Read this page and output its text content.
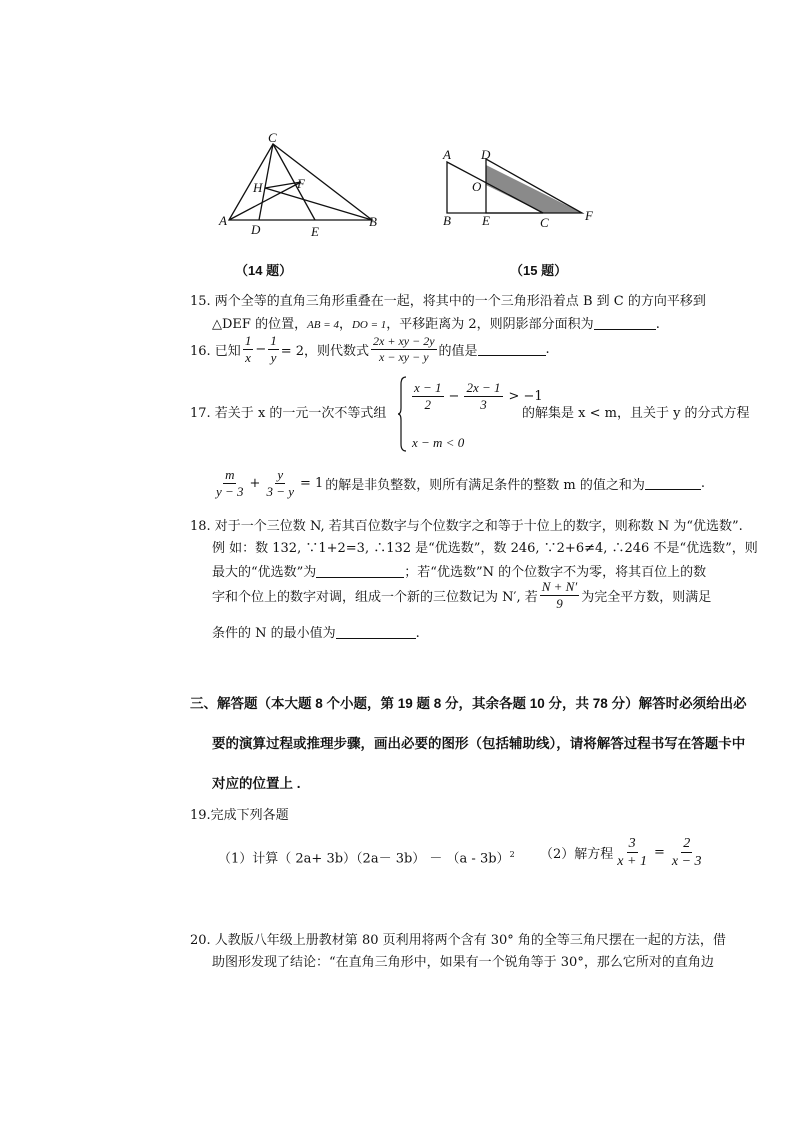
C
H	F
A	B
D	E
A D
O
B E	C	F
（14 题）	（15 题）
15. 两个全等的直角三角形重叠在一起，将其中的一个三角形沿着点 B 到 C 的方向平移到
△DEF 的位置，AB = 4，DO = 1，平移距离为 2，则阴影部分面积为	.
16. 已知 $\frac{1}{x} - \frac{1}{y} = 2$，则代数式 $\frac{2x + xy - 2y}{x - xy - y}$ 的值是	.
17. 若关于 x 的一元一次不等式组
$\frac{x - 1}{2} - \frac{2x - 1}{3} > -1$
x − m < 0
的解集是 x < m，且关于 y 的分式方程
$\frac{m}{y - 3} + \frac{y}{3 - y} = 1$ 的解是非负整数，则所有满足条件的整数 m 的值之和为	.
18. 对于一个三位数 N, 若其百位数字与个位数字之和等于十位上的数字，则称数 N 为“优选数”.
例 如：数 132, ∵1+2=3, ∴132 是“优选数”，数 246, ∵2+6≠4, ∴246 不是“优选数”，则
最大的“优选数”为	；若“优选数”N 的个位数字不为零，将其百位上的数
字和个位上的数字对调，组成一个新的三位数记为 N′, 若 $\frac{N + N'}{9}$ 为完全平方数，则满足
条件的 N 的最小值为	.
三、解答题（本大题 8 个小题，第 19 题 8 分，其余各题 10 分，共 78 分）解答时必须给出必
要的演算过程或推理步骤，画出必要的图形（包括辅助线），请将解答过程书写在答题卡中
对应的位置上 .
19.完成下列各题
（1）计算（ 2a+ 3b）（2a－ 3b） － （a - 3b）$^2$ （2）解方程 $\frac{3}{x + 1} = \frac{2}{x - 3}$
20. 人教版八年级上册教材第 80 页利用将两个含有 30° 角的全等三角尺摆在一起的方法，借
助图形发现了结论：“在直角三角形中，如果有一个锐角等于 30°，那么它所对的直角边
